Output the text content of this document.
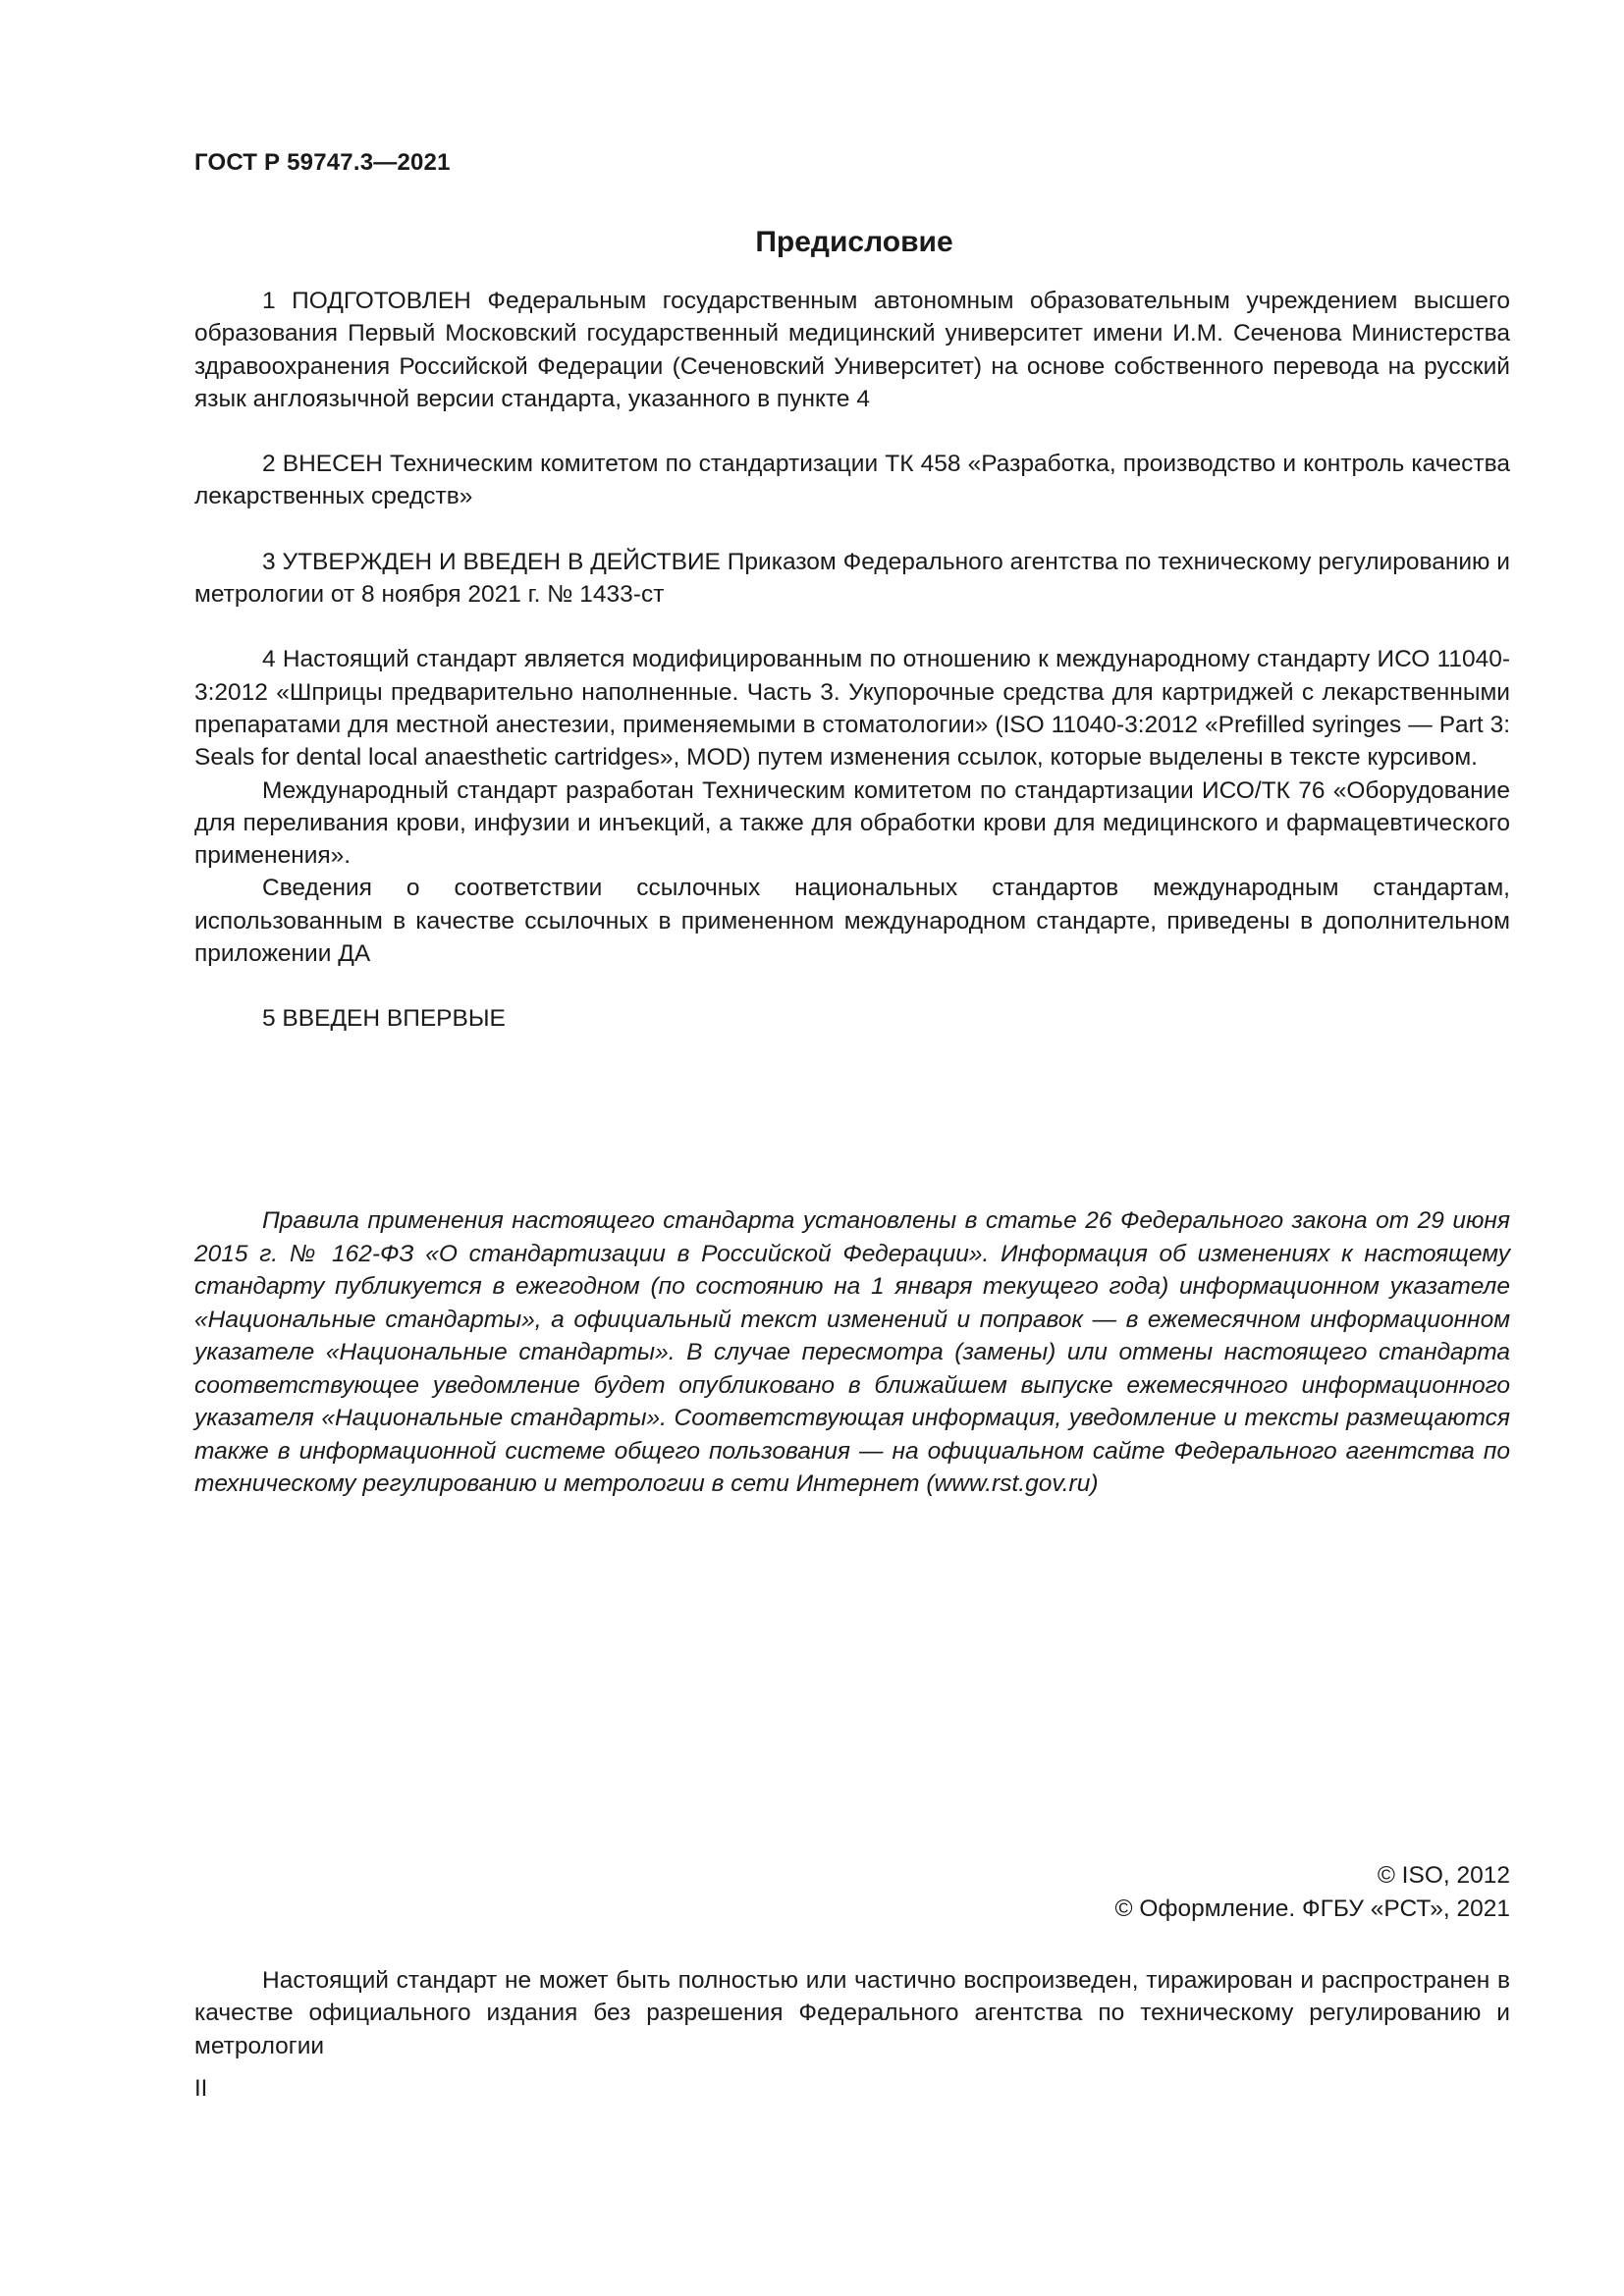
ГОСТ Р 59747.3—2021
Предисловие

1 ПОДГОТОВЛЕН Федеральным государственным автономным образовательным учреждением высшего образования Первый Московский государственный медицинский университет имени И.М. Сеченова Министерства здравоохранения Российской Федерации (Сеченовский Университет) на основе собственного перевода на русский язык англоязычной версии стандарта, указанного в пункте 4

2 ВНЕСЕН Техническим комитетом по стандартизации ТК 458 «Разработка, производство и контроль качества лекарственных средств»

3 УТВЕРЖДЕН И ВВЕДЕН В ДЕЙСТВИЕ Приказом Федерального агентства по техническому регулированию и метрологии от 8 ноября 2021 г. № 1433-ст

4 Настоящий стандарт является модифицированным по отношению к международному стандарту ИСО 11040-3:2012 «Шприцы предварительно наполненные. Часть 3. Укупорочные средства для картриджей с лекарственными препаратами для местной анестезии, применяемыми в стоматологии» (ISO 11040-3:2012 «Prefilled syringes — Part 3: Seals for dental local anaesthetic cartridges», MOD) путем изменения ссылок, которые выделены в тексте курсивом.

Международный стандарт разработан Техническим комитетом по стандартизации ИСО/ТК 76 «Оборудование для переливания крови, инфузии и инъекций, а также для обработки крови для медицинского и фармацевтического применения».

Сведения о соответствии ссылочных национальных стандартов международным стандартам, использованным в качестве ссылочных в примененном международном стандарте, приведены в дополнительном приложении ДА

5 ВВЕДЕН ВПЕРВЫЕ

Правила применения настоящего стандарта установлены в статье 26 Федерального закона от 29 июня 2015 г. № 162-ФЗ «О стандартизации в Российской Федерации». Информация об изменениях к настоящему стандарту публикуется в ежегодном (по состоянию на 1 января текущего года) информационном указателе «Национальные стандарты», а официальный текст изменений и поправок — в ежемесячном информационном указателе «Национальные стандарты». В случае пересмотра (замены) или отмены настоящего стандарта соответствующее уведомление будет опубликовано в ближайшем выпуске ежемесячного информационного указателя «Национальные стандарты». Соответствующая информация, уведомление и тексты размещаются также в информационной системе общего пользования — на официальном сайте Федерального агентства по техническому регулированию и метрологии в сети Интернет (www.rst.gov.ru)

© ISO, 2012
© Оформление. ФГБУ «РСТ», 2021

Настоящий стандарт не может быть полностью или частично воспроизведен, тиражирован и распространен в качестве официального издания без разрешения Федерального агентства по техническому регулированию и метрологии

II
